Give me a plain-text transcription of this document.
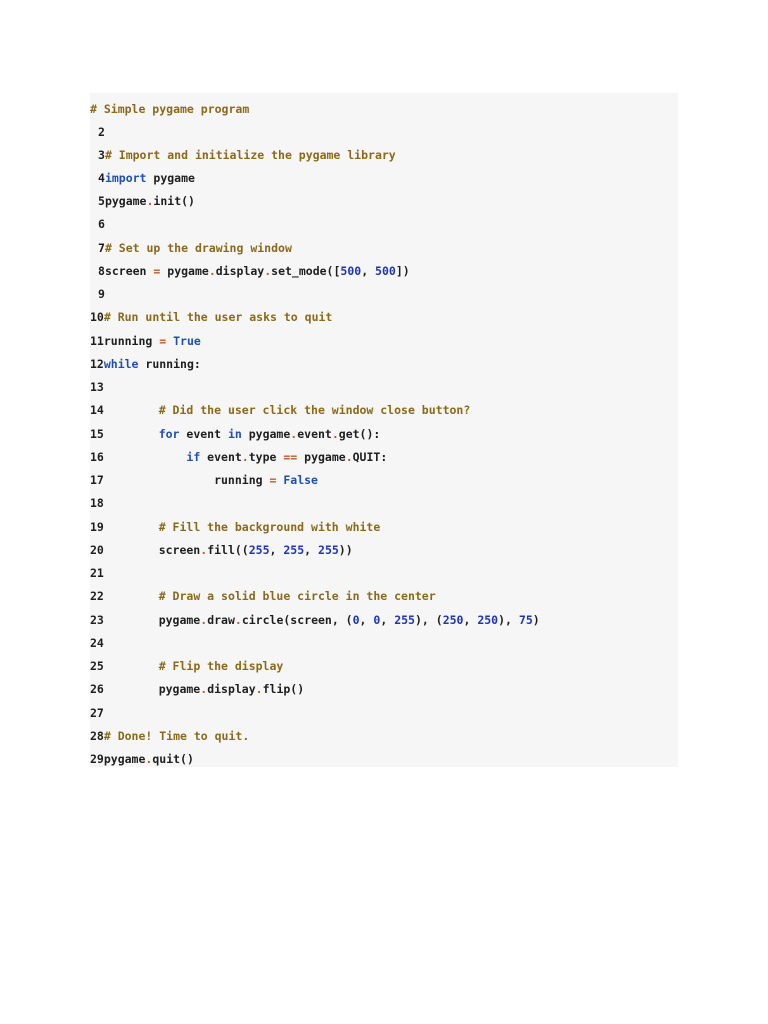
# Simple pygame program
2
3# Import and initialize the pygame library
4import pygame
5pygame.init()
6
7# Set up the drawing window
8screen = pygame.display.set_mode([500, 500])
9
10# Run until the user asks to quit
11running = True
12while running:
13
14	# Did the user click the window close button?
15	for event in pygame.event.get():
16	if event.type == pygame.QUIT:
17 running = False
18
19	# Fill the background with white
20 screen.fill((255, 255, 255))
21
22	# Draw a solid blue circle in the center
23 pygame.draw.circle(screen, (0, 0, 255), (250, 250), 75)
24
25	# Flip the display
26 pygame.display.flip()
27
28# Done! Time to quit.
29pygame.quit()
